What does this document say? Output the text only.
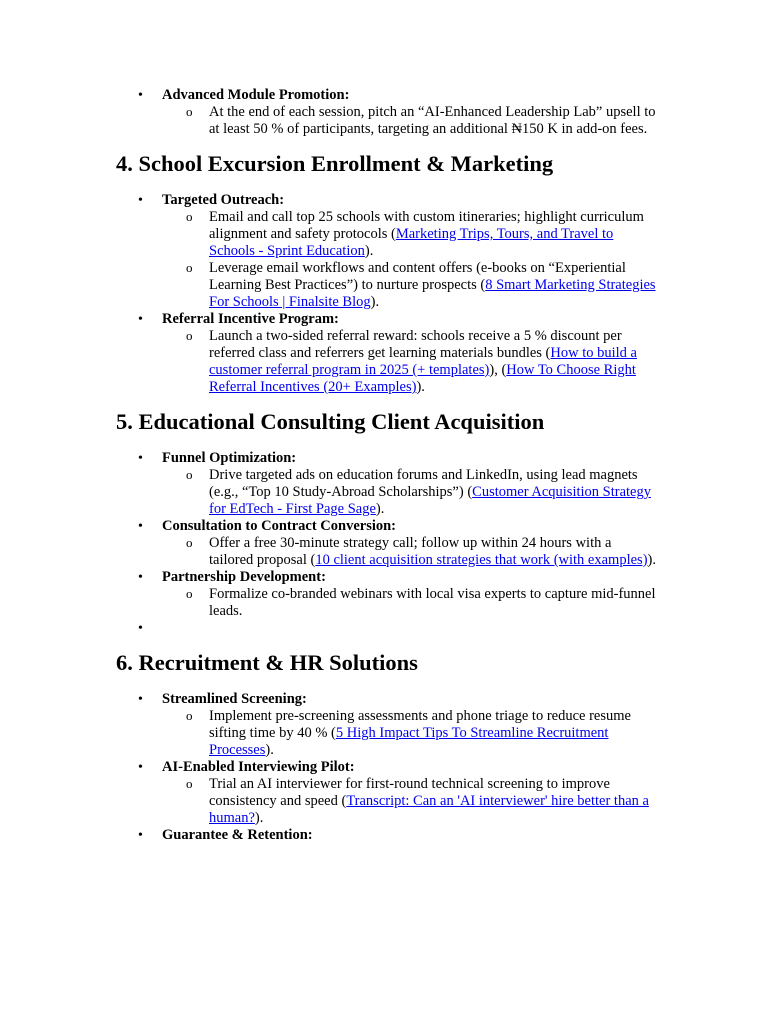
• Advanced Module Promotion:
o At the end of each session, pitch an “AI-Enhanced Leadership Lab” upsell to at least 50 % of participants, targeting an additional ₦150 K in add-on fees.
4. School Excursion Enrollment & Marketing
• Targeted Outreach:
o Email and call top 25 schools with custom itineraries; highlight curriculum alignment and safety protocols (Marketing Trips, Tours, and Travel to Schools - Sprint Education).
o Leverage email workflows and content offers (e-books on “Experiential Learning Best Practices”) to nurture prospects (8 Smart Marketing Strategies For Schools | Finalsite Blog).
• Referral Incentive Program:
o Launch a two-sided referral reward: schools receive a 5 % discount per referred class and referrers get learning materials bundles (How to build a customer referral program in 2025 (+ templates)), (How To Choose Right Referral Incentives (20+ Examples)).
5. Educational Consulting Client Acquisition
• Funnel Optimization:
o Drive targeted ads on education forums and LinkedIn, using lead magnets (e.g., “Top 10 Study-Abroad Scholarships”) (Customer Acquisition Strategy for EdTech - First Page Sage).
• Consultation to Contract Conversion:
o Offer a free 30-minute strategy call; follow up within 24 hours with a tailored proposal (10 client acquisition strategies that work (with examples)).
• Partnership Development:
o Formalize co-branded webinars with local visa experts to capture mid-funnel leads.
•
6. Recruitment & HR Solutions
• Streamlined Screening:
o Implement pre-screening assessments and phone triage to reduce resume sifting time by 40 % (5 High Impact Tips To Streamline Recruitment Processes).
• AI-Enabled Interviewing Pilot:
o Trial an AI interviewer for first-round technical screening to improve consistency and speed (Transcript: Can an 'AI interviewer' hire better than a human?).
• Guarantee & Retention:
